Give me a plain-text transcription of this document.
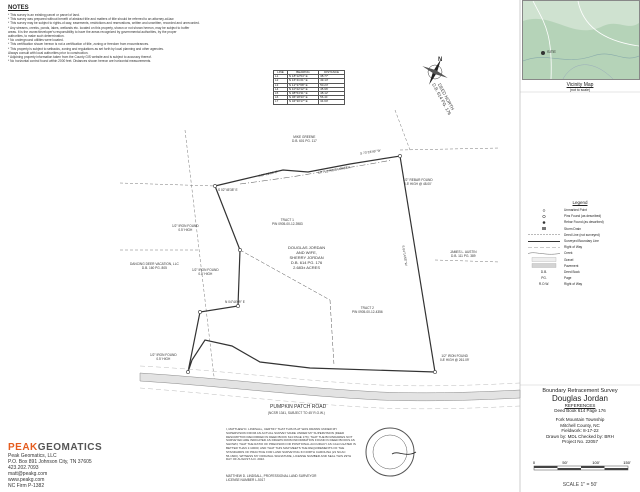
NOTES
* This survey is an existing parcel or parcel of land.
* This survey was prepared without benefit of abstract title and matters of title should be referred to an attorney-at-law.
* This survey may be subject to rights-of-way, easements, restrictions and reservations, written and unwritten, recorded and unrecorded.
* Any streams, creeks, ponds, lakes, wetlands etc. located on this property, shown or not shown hereon, may be subject to buffer
areas. It is the owner/developer's responsibility to have the areas recognized by governmental authorities, by the proper
authorities, to make such determination.
* No underground utilities were located.
* This certification shown hereon is not a certification of title, zoning or freedom from encumbrances.
* This property is subject to setbacks, zoning and regulations as set forth by local planning and other agencies.
Always consult with local authorities prior to construction.
* Adjoining property information taken from the County GIS website and is subject to accuracy thereof.
* No horizontal control found within 2000 feet. Distances shown hereon are horizontal measurements.
LINE	BEARING	DISTANCE
L1	N 18°12'54" E	38.77'
L2	N 16°41'21" E	49.13'
L3	N 12°37'08" E	50.23'
L4	N 10°22'12" E	45.96'
L5	N 08°54'31" E	48.12'
L6	N 06°18'33" E	56.41'
L7	N 04°30'17" E	34.60'	DEED NORTH
D.B. 614 PG. 176
N
MIKE GREENE
D.B. 601 PG. 117
DANCING DEER VACATION, LLC
D.B. 160 PG. 805
JAMES L. AUSTIN
D.B. 111 PG. 389
TRACT 1
PIN 0905-00-12-3983
TRACT 2
PIN 0905-00-12-4356
DOUGLAS JORDAN
AND WIFE,
SHERRY JORDAN
D.B. 614 PG. 176
2.683± ACRES
LITTLE ROCK CREEK
PUMPKIN PATCH ROAD
(NCSR 1341, SUBJECT TO 45' R.O.W.)
1/2" IRON FOUND
0.5' HIGH
1/2" IRON FOUND
0.5' HIGH
1/2" IRON FOUND
0.5' HIGH
1/2" REBAR FOUND
0.5' HIGH @ 48.00'
1/2" IRON FOUND
0.8' HIGH @ 261.09'
S 87°02'06" E
S 73°18'49" W
S 04°14'55" W
S 02°45'38" E
N 04°44'09" E
SITE
Vicinity Map
(not to scale)
Legend
Unmarked Point
Pins Found (as described)
Rebar Found (as described)
Storm Drain
Deed Line (not surveyed)
Surveyed Boundary Line
Right of Way
Creek
Gravel
Pavement
D.B.	Deed Book
PG.	Page
R.O.W.	Right of Way
Boundary Retracement Survey
Douglas Jordan
REFERENCES
Deed Book 614 Page 176
Fork Mountain Township
Mitchell County, NC
Fieldwork: 8-17-22
Drawn by: MDL Checked by: BRH
Project No. 22057
PEAKGEOMATICS
Peak Geomatics, LLC
P.O. Box 891 Johnson City, TN 37605
423.202.7093
matt@peakg.com
www.peakg.com
NC Firm P-1382
I, MATTHEW D. LINDSALL, CERTIFY THAT THIS PLAT WAS DRAWN UNDER MY SUPERVISION FROM AN ACTUAL SURVEY MADE UNDER MY SUPERVISION (DEED DESCRIPTION RECORDED IN DEED BOOK 614 PAGE 176); THAT THE BOUNDARIES NOT SURVEYED ARE INDICATED AS DRAWN FROM INFORMATION FOUND IN DEED BOOKS AS SHOWN; THAT THE RATIO OF PRECISION OR POSITIONAL ACCURACY AS CALCULATED IS BETTER THAN 1:10000; AND THAT THIS MAP MEETS THE REQUIREMENTS OF THE STANDARDS OF PRACTICE FOR LAND SURVEYING IN NORTH CAROLINA (21 NCAC 56.1600). WITNESS MY ORIGINAL SIGNATURE, LICENSE NUMBER AND SEAL THIS 29TH DAY OF AUGUST A.D. 2022.
MATTHEW D. LINDSALL, PROFESSIONAL LAND SURVEYOR
LICENSE NUMBER L-5017
0	50'	100'	150'
SCALE 1" = 50'
